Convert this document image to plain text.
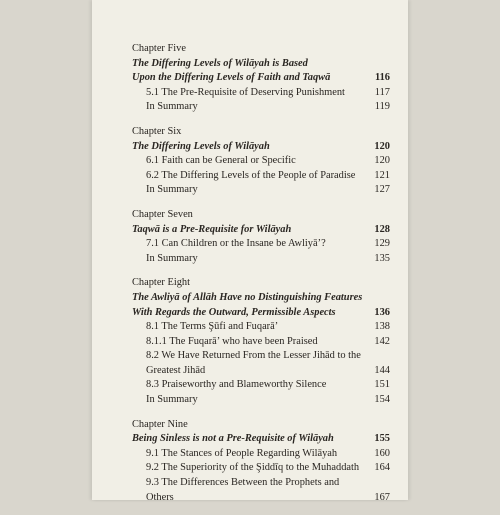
Chapter Five
The Differing Levels of Wilāyah is Based
Upon the Differing Levels of Faith and Taqwā	116
5.1 The Pre-Requisite of Deserving Punishment	117
In Summary	119
Chapter Six
The Differing Levels of Wilāyah	120
6.1 Faith can be General or Specific	120
6.2 The Differing Levels of the People of Paradise 121
In Summary	127
Chapter Seven
Taqwā is a Pre-Requisite for Wilāyah	128
7.1 Can Children or the Insane be Awliyā’?	129
In Summary	135
Chapter Eight
The Awliyā of Allāh Have no Distinguishing Features
With Regards the Outward, Permissible Aspects	136
8.1 The Terms Şūfi and Fuqarā’	138
8.1.1 The Fuqarā’ who have been Praised	142
8.2 We Have Returned From the Lesser Jihād to the
Greatest Jihād	144
8.3 Praiseworthy and Blameworthy Silence	151
In Summary	154
Chapter Nine
Being Sinless is not a Pre-Requisite of Wilāyah	155
9.1 The Stances of People Regarding Wilāyah	160
9.2 The Superiority of the Şiddīq to the Muhaddath 164
9.3 The Differences Between the Prophets and
Others	167
